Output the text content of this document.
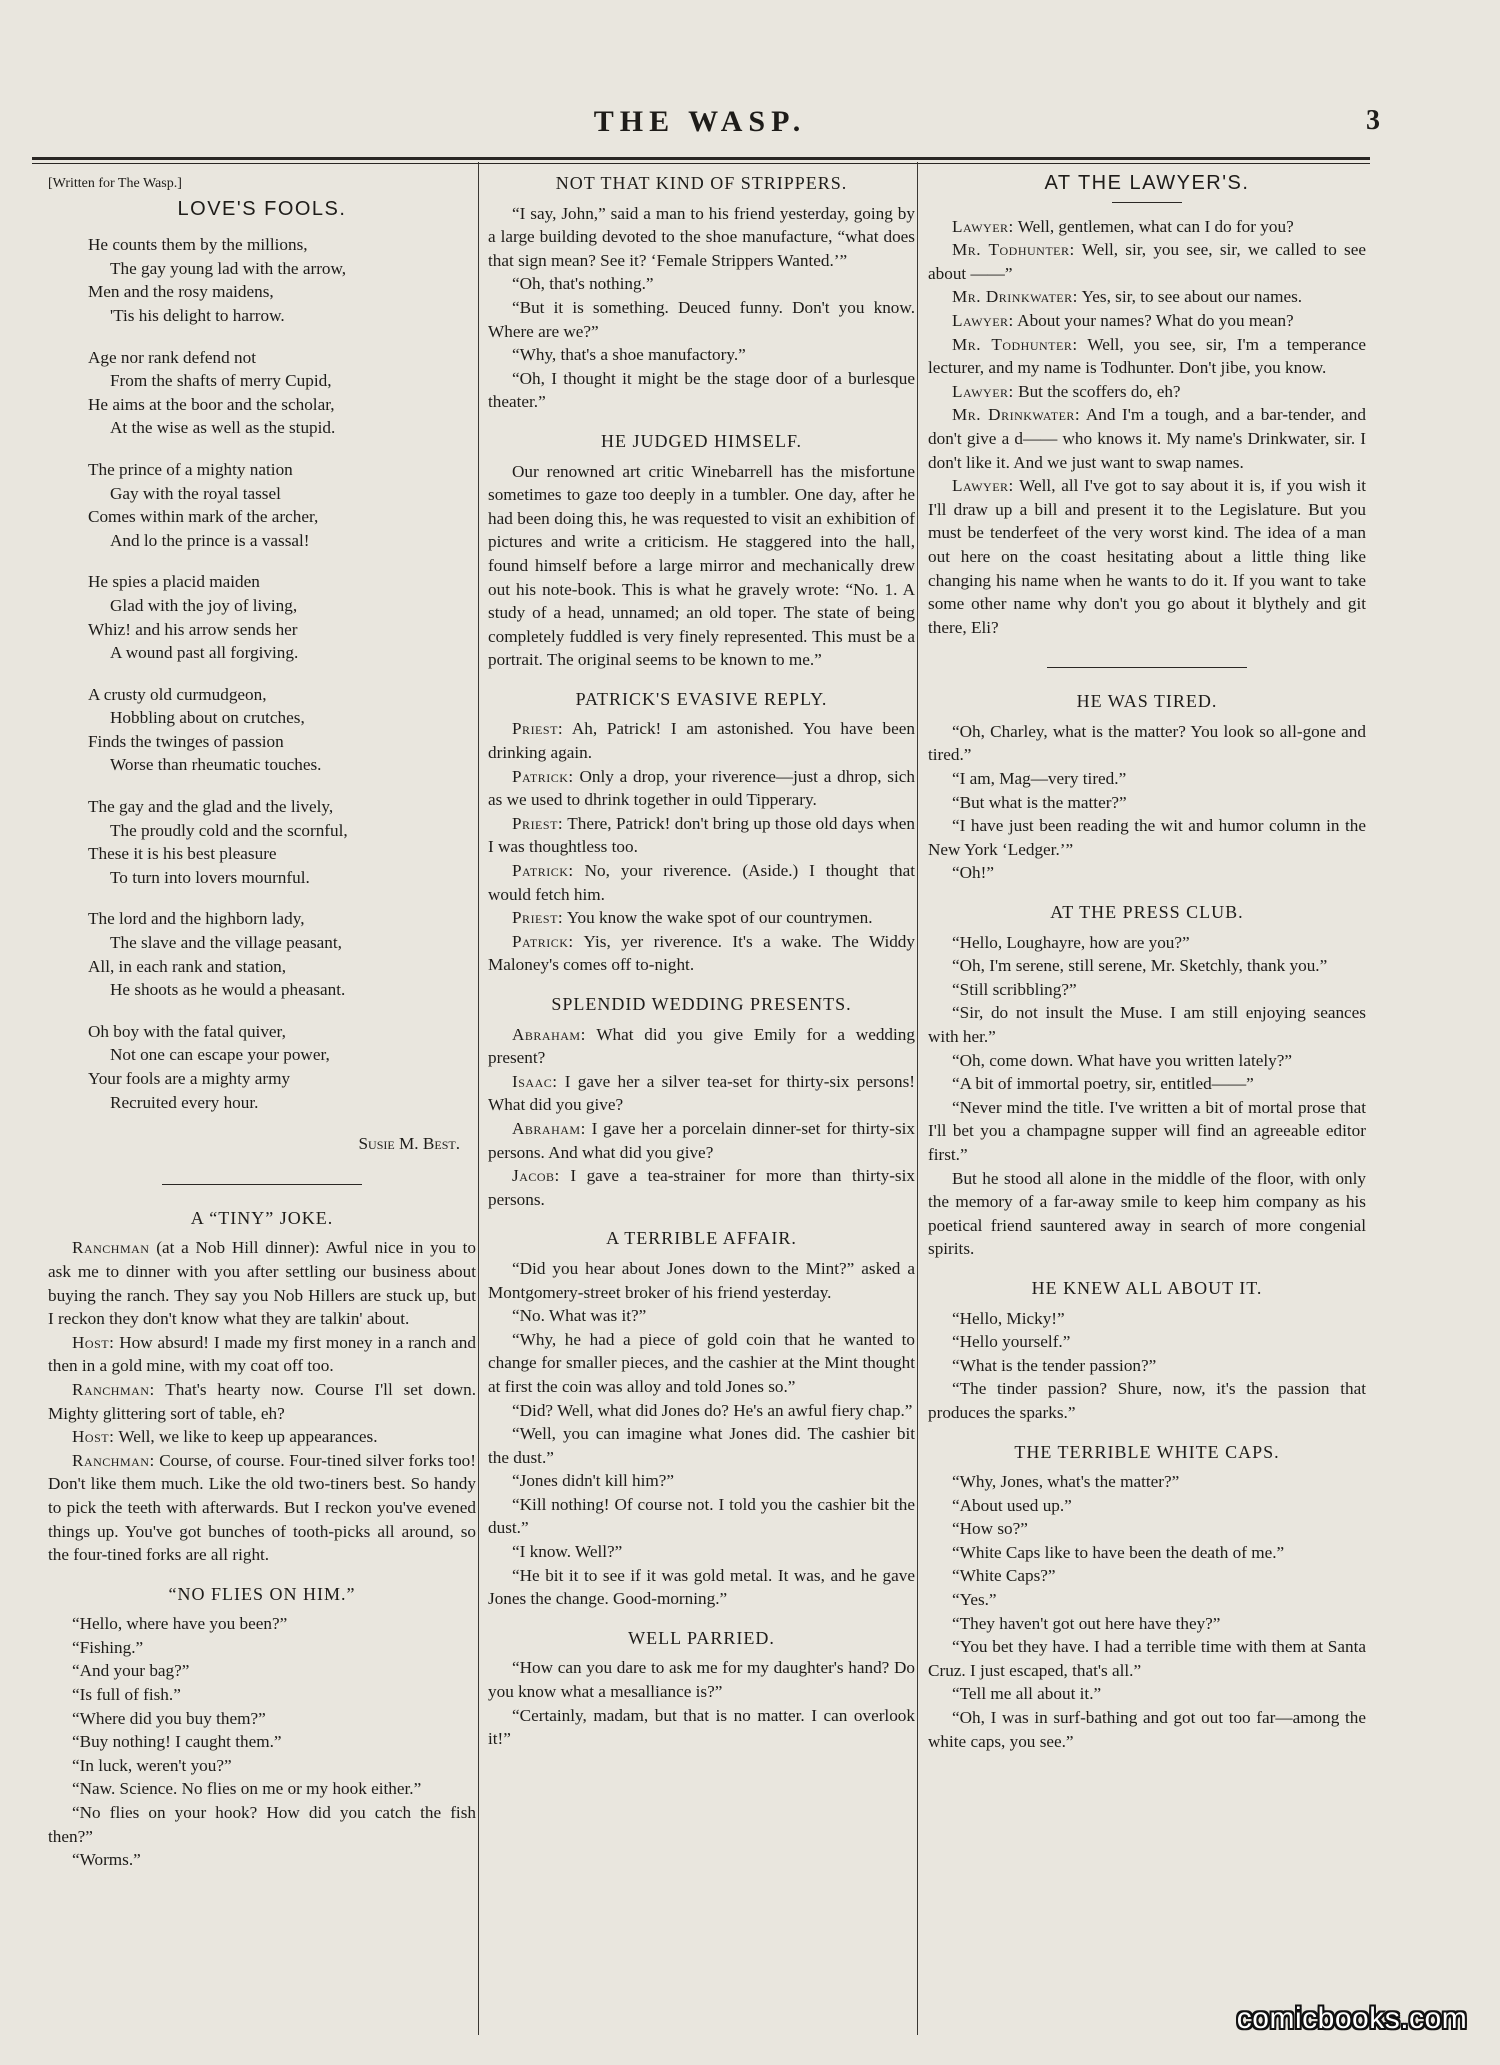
THE WASP.	3
[Written for The Wasp.]
LOVE'S FOOLS.
He counts them by the millions,
The gay young lad with the arrow,
Men and the rosy maidens,
'Tis his delight to harrow.
Age nor rank defend not
From the shafts of merry Cupid,
He aims at the boor and the scholar,
At the wise as well as the stupid.
The prince of a mighty nation
Gay with the royal tassel
Comes within mark of the archer,
And lo the prince is a vassal!
He spies a placid maiden
Glad with the joy of living,
Whiz! and his arrow sends her
A wound past all forgiving.
A crusty old curmudgeon,
Hobbling about on crutches,
Finds the twinges of passion
Worse than rheumatic touches.
The gay and the glad and the lively,
The proudly cold and the scornful,
These it is his best pleasure
To turn into lovers mournful.
The lord and the highborn lady,
The slave and the village peasant,
All, in each rank and station,
He shoots as he would a pheasant.
Oh boy with the fatal quiver,
Not one can escape your power,
Your fools are a mighty army
Recruited every hour.
Susie M. Best.
A “TINY” JOKE.

Ranchman (at a Nob Hill dinner): Awful nice in you to ask me to dinner with you after settling our business about buying the ranch. They say you Nob Hillers are stuck up, but I reckon they don't know what they are talkin' about.

Host: How absurd! I made my first money in a ranch and then in a gold mine, with my coat off too.

Ranchman: That's hearty now. Course I'll set down. Mighty glittering sort of table, eh?

Host: Well, we like to keep up appearances.

Ranchman: Course, of course. Four-tined silver forks too! Don't like them much. Like the old two-tiners best. So handy to pick the teeth with afterwards. But I reckon you've evened things up. You've got bunches of tooth-picks all around, so the four-tined forks are all right.

“NO FLIES ON HIM.”

“Hello, where have you been?”

“Fishing.”

“And your bag?”

“Is full of fish.”

“Where did you buy them?”

“Buy nothing! I caught them.”

“In luck, weren't you?”

“Naw. Science. No flies on me or my hook either.”

“No flies on your hook? How did you catch the fish then?”

“Worms.”

NOT THAT KIND OF STRIPPERS.

“I say, John,” said a man to his friend yesterday, going by a large building devoted to the shoe manufacture, “what does that sign mean? See it? ‘Female Strippers Wanted.’”

“Oh, that's nothing.”

“But it is something. Deuced funny. Don't you know. Where are we?”

“Why, that's a shoe manufactory.”

“Oh, I thought it might be the stage door of a burlesque theater.”

HE JUDGED HIMSELF.

Our renowned art critic Winebarrell has the misfortune sometimes to gaze too deeply in a tumbler. One day, after he had been doing this, he was requested to visit an exhibition of pictures and write a criticism. He staggered into the hall, found himself before a large mirror and mechanically drew out his note-book. This is what he gravely wrote: “No. 1. A study of a head, unnamed; an old toper. The state of being completely fuddled is very finely represented. This must be a portrait. The original seems to be known to me.”

PATRICK'S EVASIVE REPLY.

Priest: Ah, Patrick! I am astonished. You have been drinking again.

Patrick: Only a drop, your riverence—just a dhrop, sich as we used to dhrink together in ould Tipperary.

Priest: There, Patrick! don't bring up those old days when I was thoughtless too.

Patrick: No, your riverence. (Aside.) I thought that would fetch him.

Priest: You know the wake spot of our countrymen.

Patrick: Yis, yer riverence. It's a wake. The Widdy Maloney's comes off to-night.

SPLENDID WEDDING PRESENTS.

Abraham: What did you give Emily for a wedding present?

Isaac: I gave her a silver tea-set for thirty-six persons! What did you give?

Abraham: I gave her a porcelain dinner-set for thirty-six persons. And what did you give?

Jacob: I gave a tea-strainer for more than thirty-six persons.

A TERRIBLE AFFAIR.

“Did you hear about Jones down to the Mint?” asked a Montgomery-street broker of his friend yesterday.

“No. What was it?”

“Why, he had a piece of gold coin that he wanted to change for smaller pieces, and the cashier at the Mint thought at first the coin was alloy and told Jones so.”

“Did? Well, what did Jones do? He's an awful fiery chap.”

“Well, you can imagine what Jones did. The cashier bit the dust.”

“Jones didn't kill him?”

“Kill nothing! Of course not. I told you the cashier bit the dust.”

“I know. Well?”

“He bit it to see if it was gold metal. It was, and he gave Jones the change. Good-morning.”

WELL PARRIED.

“How can you dare to ask me for my daughter's hand? Do you know what a mesalliance is?”

“Certainly, madam, but that is no matter. I can overlook it!”

AT THE LAWYER'S.

Lawyer: Well, gentlemen, what can I do for you?

Mr. Todhunter: Well, sir, you see, sir, we called to see about ——”

Mr. Drinkwater: Yes, sir, to see about our names.

Lawyer: About your names? What do you mean?

Mr. Todhunter: Well, you see, sir, I'm a temperance lecturer, and my name is Todhunter. Don't jibe, you know.

Lawyer: But the scoffers do, eh?

Mr. Drinkwater: And I'm a tough, and a bar-tender, and don't give a d—— who knows it. My name's Drinkwater, sir. I don't like it. And we just want to swap names.

Lawyer: Well, all I've got to say about it is, if you wish it I'll draw up a bill and present it to the Legislature. But you must be tenderfeet of the very worst kind. The idea of a man out here on the coast hesitating about a little thing like changing his name when he wants to do it. If you want to take some other name why don't you go about it blythely and git there, Eli?

HE WAS TIRED.

“Oh, Charley, what is the matter? You look so all-gone and tired.”

“I am, Mag—very tired.”

“But what is the matter?”

“I have just been reading the wit and humor column in the New York ‘Ledger.’”

“Oh!”

AT THE PRESS CLUB.

“Hello, Loughayre, how are you?”

“Oh, I'm serene, still serene, Mr. Sketchly, thank you.”

“Still scribbling?”

“Sir, do not insult the Muse. I am still enjoying seances with her.”

“Oh, come down. What have you written lately?”

“A bit of immortal poetry, sir, entitled——”

“Never mind the title. I've written a bit of mortal prose that I'll bet you a champagne supper will find an agreeable editor first.”

But he stood all alone in the middle of the floor, with only the memory of a far-away smile to keep him company as his poetical friend sauntered away in search of more congenial spirits.

HE KNEW ALL ABOUT IT.

“Hello, Micky!”

“Hello yourself.”

“What is the tender passion?”

“The tinder passion? Shure, now, it's the passion that produces the sparks.”

THE TERRIBLE WHITE CAPS.

“Why, Jones, what's the matter?”

“About used up.”

“How so?”

“White Caps like to have been the death of me.”

“White Caps?”

“Yes.”

“They haven't got out here have they?”

“You bet they have. I had a terrible time with them at Santa Cruz. I just escaped, that's all.”

“Tell me all about it.”

“Oh, I was in surf-bathing and got out too far—among the white caps, you see.”

comicbooks.com
